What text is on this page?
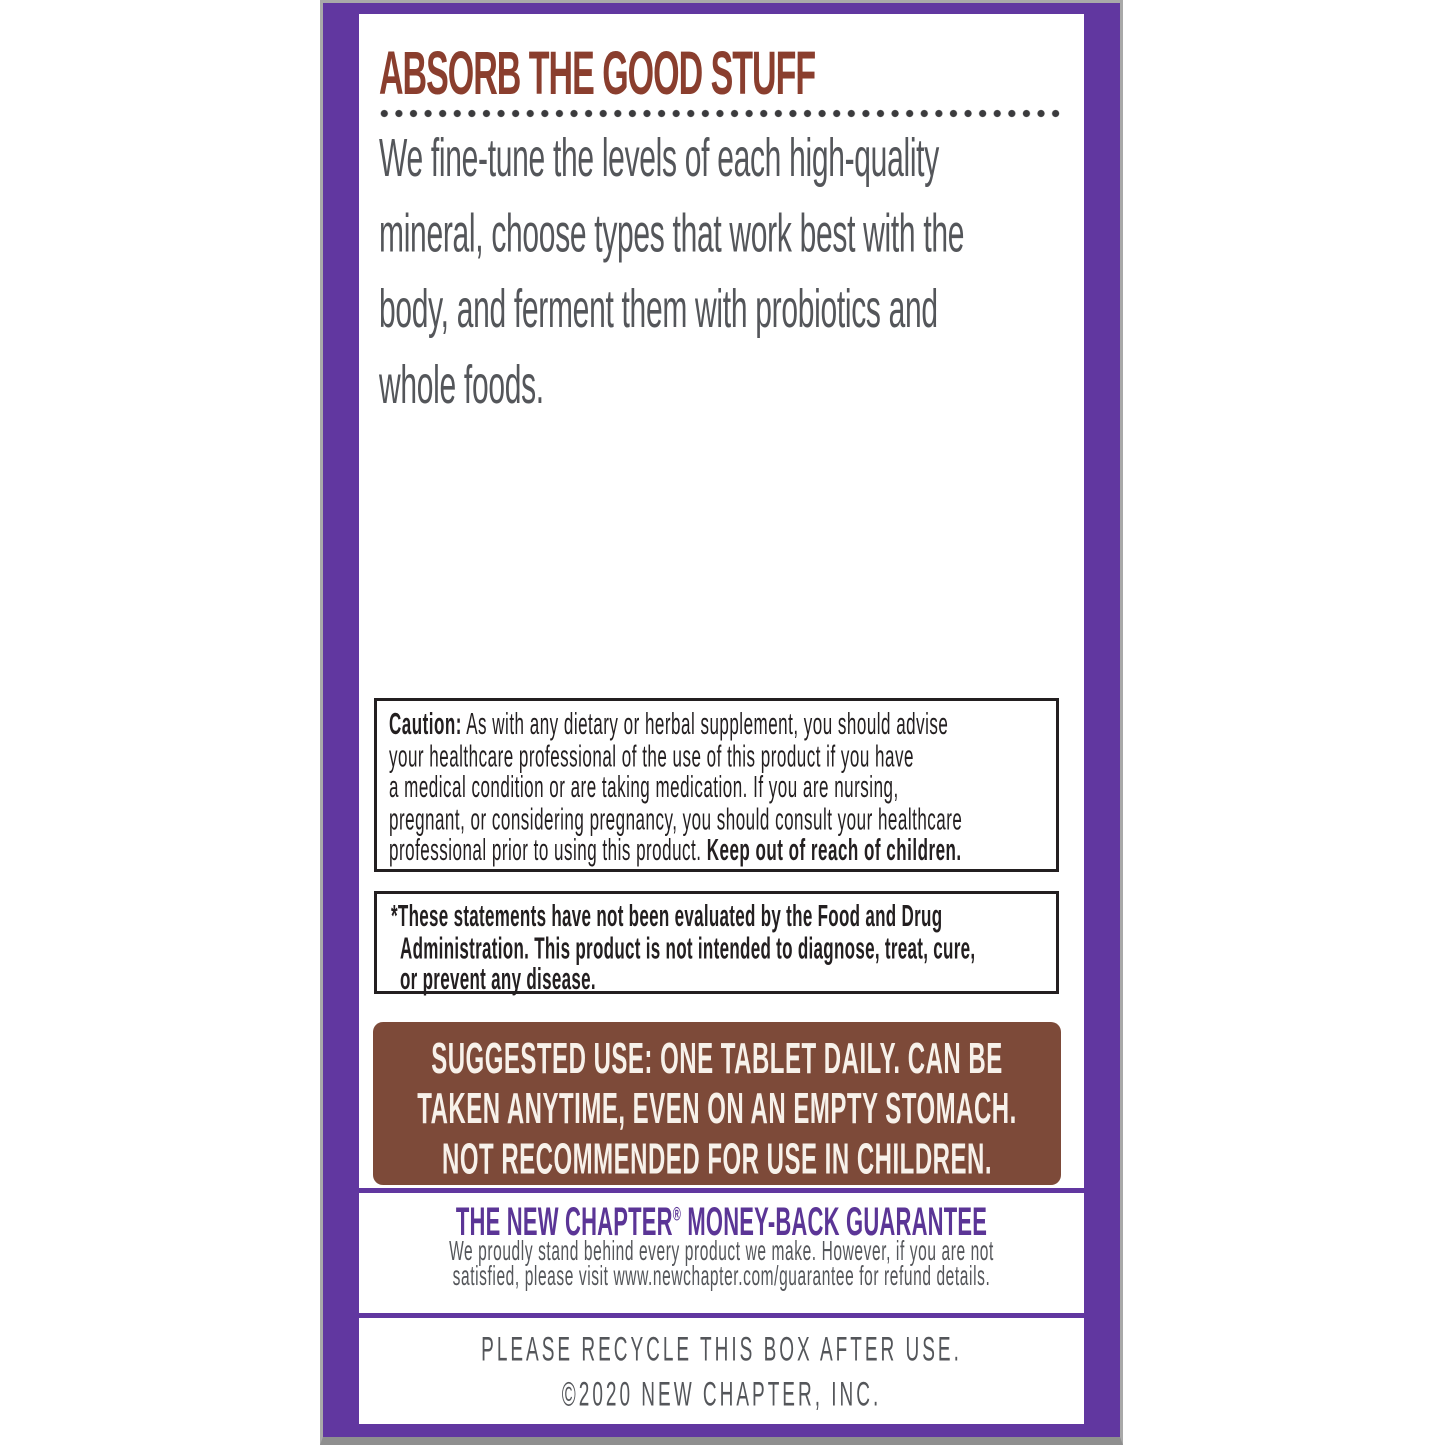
ABSORB THE GOOD STUFF
We fine-tune the levels of each high-quality
mineral, choose types that work best with the
body, and ferment them with probiotics and
whole foods.
Caution: As with any dietary or herbal supplement, you should advise
your healthcare professional of the use of this product if you have
a medical condition or are taking medication. If you are nursing,
pregnant, or considering pregnancy, you should consult your healthcare
professional prior to using this product. Keep out of reach of children.
*These statements have not been evaluated by the Food and Drug
Administration. This product is not intended to diagnose, treat, cure,
or prevent any disease.
SUGGESTED USE: ONE TABLET DAILY. CAN BE
TAKEN ANYTIME, EVEN ON AN EMPTY STOMACH.
NOT RECOMMENDED FOR USE IN CHILDREN.
THE NEW CHAPTER® MONEY-BACK GUARANTEE
We proudly stand behind every product we make. However, if you are not
satisfied, please visit www.newchapter.com/guarantee for refund details.
PLEASE RECYCLE THIS BOX AFTER USE.
©2020 NEW CHAPTER, INC.
